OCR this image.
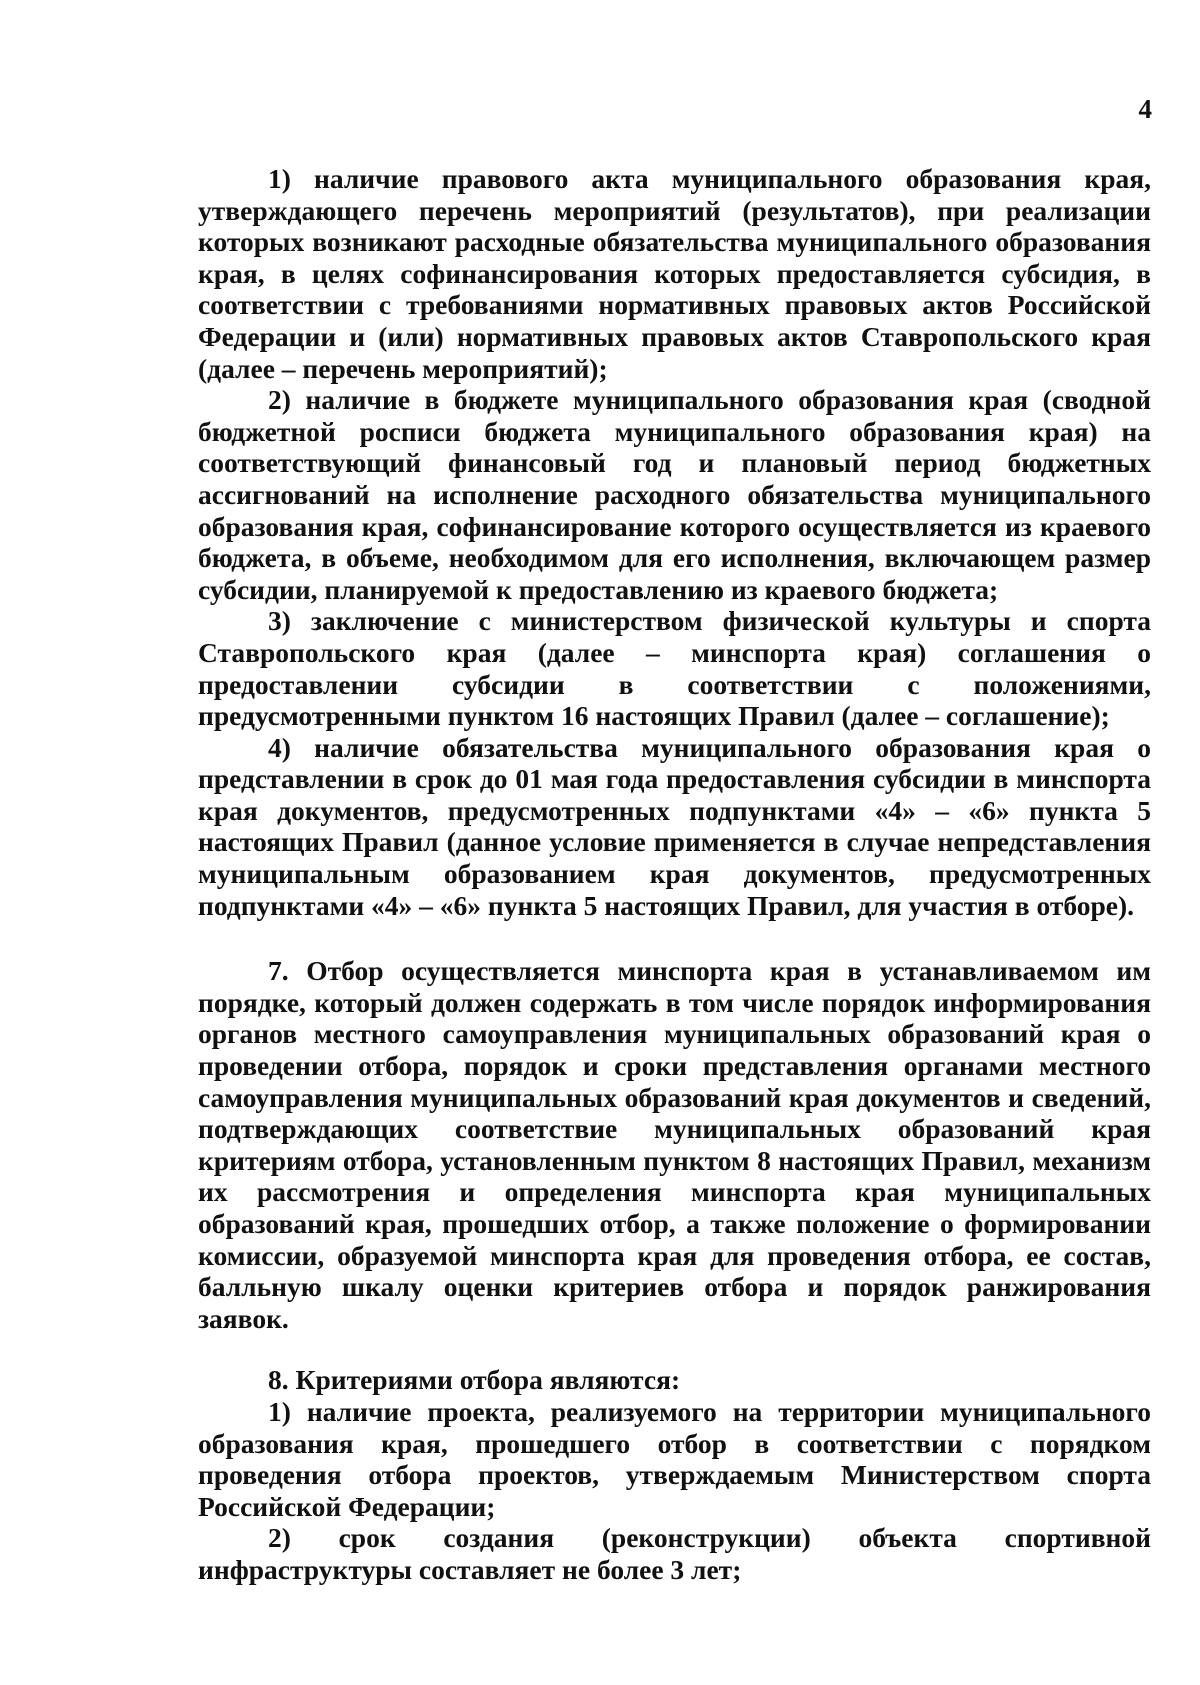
4

1) наличие правового акта муниципального образования края, утверждающего перечень мероприятий (результатов), при реализации которых возникают расходные обязательства муниципального образования края, в целях софинансирования которых предоставляется субсидия, в соответствии с требованиями нормативных правовых актов Российской Федерации и (или) нормативных правовых актов Ставропольского края (далее – перечень мероприятий);

2) наличие в бюджете муниципального образования края (сводной бюджетной росписи бюджета муниципального образования края) на соответствующий финансовый год и плановый период бюджетных ассигнований на исполнение расходного обязательства муниципального образования края, софинансирование которого осуществляется из краевого бюджета, в объеме, необходимом для его исполнения, включающем размер субсидии, планируемой к предоставлению из краевого бюджета;

3) заключение с министерством физической культуры и спорта Ставропольского края (далее – минспорта края) соглашения о предоставлении субсидии в соответствии с положениями, предусмотренными пунктом 16 настоящих Правил (далее – соглашение);

4) наличие обязательства муниципального образования края о представлении в срок до 01 мая года предоставления субсидии в минспорта края документов, предусмотренных подпунктами «4» – «6» пункта 5 настоящих Правил (данное условие применяется в случае непредставления муниципальным образованием края документов, предусмотренных подпунктами «4» – «6» пункта 5 настоящих Правил, для участия в отборе).

7. Отбор осуществляется минспорта края в устанавливаемом им порядке, который должен содержать в том числе порядок информирования органов местного самоуправления муниципальных образований края о проведении отбора, порядок и сроки представления органами местного самоуправления муниципальных образований края документов и сведений, подтверждающих соответствие муниципальных образований края критериям отбора, установленным пунктом 8 настоящих Правил, механизм их рассмотрения и определения минспорта края муниципальных образований края, прошедших отбор, а также положение о формировании комиссии, образуемой минспорта края для проведения отбора, ее состав, балльную шкалу оценки критериев отбора и порядок ранжирования заявок.

8. Критериями отбора являются:

1) наличие проекта, реализуемого на территории муниципального образования края, прошедшего отбор в соответствии с порядком проведения отбора проектов, утверждаемым Министерством спорта Российской Федерации;

2) срок создания (реконструкции) объекта спортивной инфраструктуры составляет не более 3 лет;
